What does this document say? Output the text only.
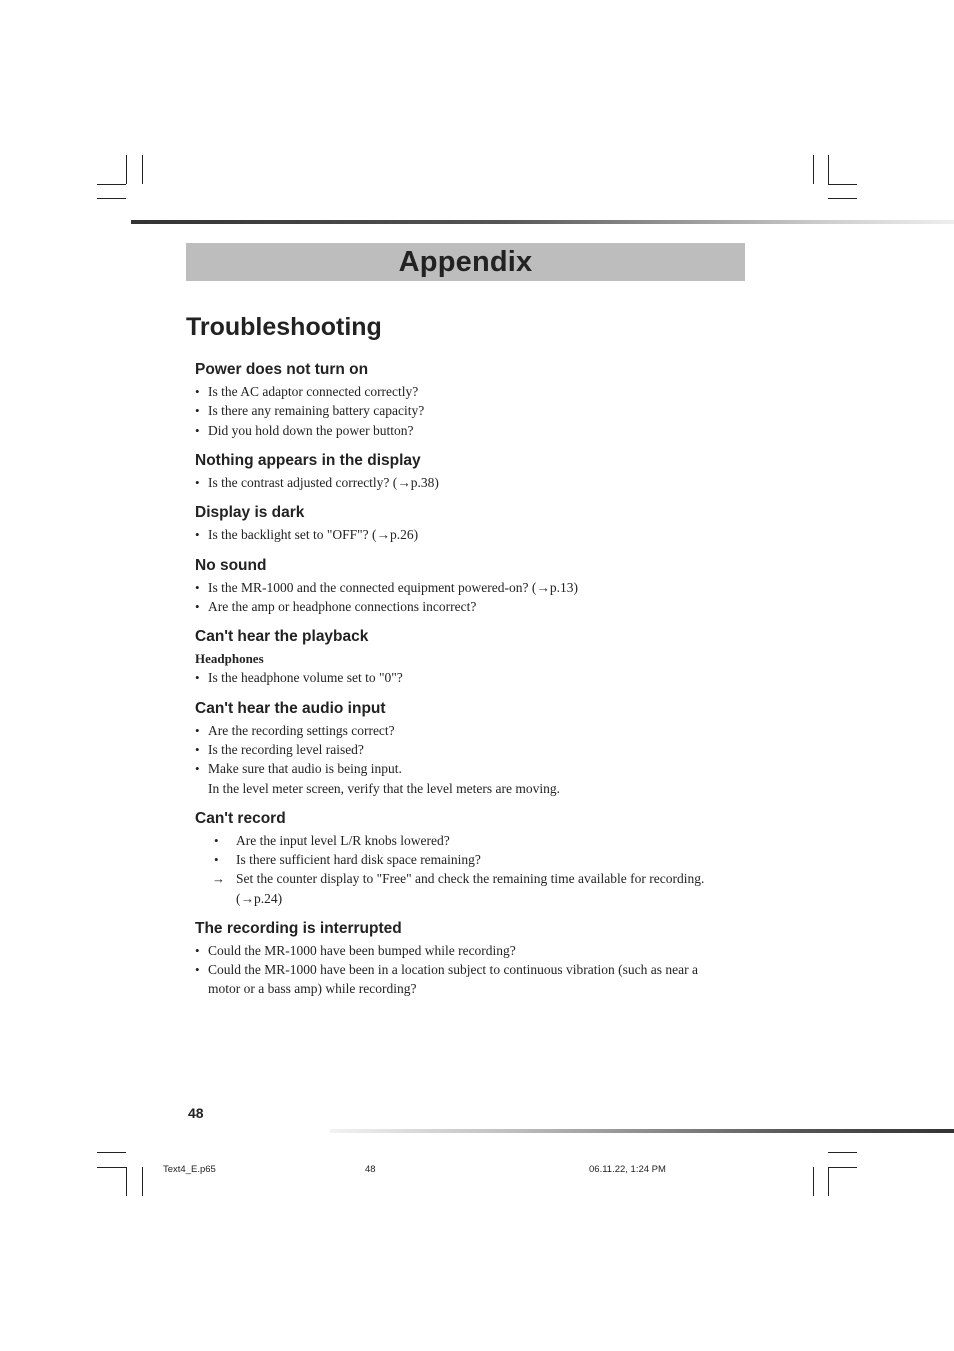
Appendix
Troubleshooting
Power does not turn on
• Is the AC adaptor connected correctly?
• Is there any remaining battery capacity?
• Did you hold down the power button?
Nothing appears in the display
• Is the contrast adjusted correctly? (→p.38)
Display is dark
• Is the backlight set to "OFF"? (→p.26)
No sound
• Is the MR-1000 and the connected equipment powered-on? (→p.13)
• Are the amp or headphone connections incorrect?
Can't hear the playback
Headphones
• Is the headphone volume set to "0"?
Can't hear the audio input
• Are the recording settings correct?
• Is the recording level raised?
• Make sure that audio is being input.
In the level meter screen, verify that the level meters are moving.
Can't record
• Are the input level L/R knobs lowered?
• Is there sufficient hard disk space remaining?
→ Set the counter display to "Free" and check the remaining time available for recording.
(→p.24)
The recording is interrupted
• Could the MR-1000 have been bumped while recording?
• Could the MR-1000 have been in a location subject to continuous vibration (such as near a
motor or a bass amp) while recording?
48
Text4_E.p65	48	06.11.22, 1:24 PM
